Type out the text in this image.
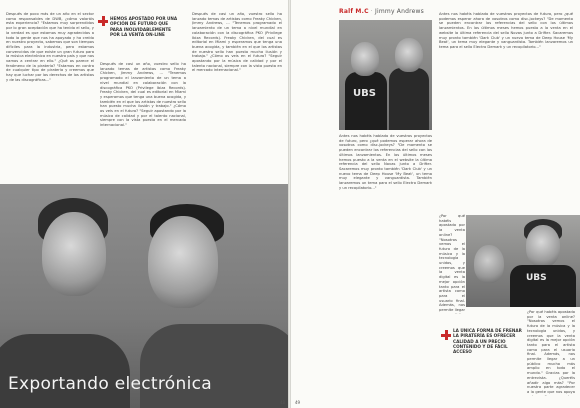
Después de poco más de un año en el sector como responsables de DWB, ¿cómo valoráis esta experiencia? "Estamos muy sorprendidos por lo gran aceptación que ha tenido el sello, y la verdad es que estamos muy agradecidos a todo la gente que nos ha apoyado y ha creído en nuestro proyecto, sabemos que son tiempos difíciles para la industria, pero estamos convencidos de que existe un gran futuro para la música electrónica en nuestro país y que nos vamos a centrar en ello." ¿Qué os parece el fenómeno de la piratería? "Estamos en contra de cualquier tipo de piratería y creemos que hay que luchar por los derechos de los artistas y de las discográficas..."
HEMOS APOSTADO POR UNA OPCIÓN DE FUTURO QUE PARA INOLVIDABLEMENTE POR LA VENTA ON-LINE
Después de casi un año, vuestro sello ha lanzado temas de artistas como Freaky Chicken, Jimmy Andrews, ... "Tenemos programado el lanzamiento de un tema a nivel mundial en colaboración con la discográfica PKO (Privilege Ibiza Records). Freaky Chicken, del cual es editorial en Miami y esperamos que tenga una buena acogida, y también en el que los artistas de nuestro sello han puesto mucha ilusión y trabajo." ¿Cómo os veis en el futuro? "Seguir apostando por la música de calidad y por el talento nacional, siempre con la vista puesta en el mercado internacional."
Después de casi un año, vuestro sello ha lanzado temas de artistas como Freaky Chicken, Jimmy Andrews, ... "Tenemos programado el lanzamiento de un tema a nivel mundial en colaboración con la discográfica PKO (Privilege Ibiza Records). Freaky Chicken, del cual es editorial en Miami y esperamos que tenga una buena acogida, y también en el que los artistas de nuestro sello han puesto mucha ilusión y trabajo." ¿Cómo os veis en el futuro? "Seguir apostando por la música de calidad y por el talento nacional, siempre con la vista puesta en el mercado internacional."
Exportando electrónica
48
Ralf M.C · Jimmy Andrews
UBS
Antes nos habéis hablado de vuestros proyectos de futuro, pero ¿qué podemos esperar ahora de vosotros como disc-jockeys? "De momento se pueden encontrar los referencias del sello con los últimos lanzamientos. En los últimos meses hemos puesto a la venta en el website la última referencia del sello Novas junto a Drifter. Sacaremos muy pronto también 'Dark Club' y un nuevo tema de Deep House 'My Beat', un tema muy elegante y vanguardista. También lanzaremos un tema para el sello Electro Demark y un recopilatorio..."
Antes nos habéis hablado de vuestros proyectos de futuro, pero ¿qué podemos esperar ahora de vosotros como disc-jockeys? "De momento se pueden encontrar los referencias del sello con los últimos lanzamientos. En los últimos meses hemos puesto a la venta en el website la última referencia del sello Novas junto a Drifter. Sacaremos muy pronto también 'Dark Club' y un nuevo tema de Deep House 'My Beat', un tema muy elegante y vanguardista. También lanzaremos un tema para el sello Electro Demark y un recopilatorio..."
UBS
¿Por qué habéis apostado por la venta online? "Nosotros vemos el futuro de la música y la tecnología unidos, y creemos que la venta digital es la mejor opción tanto para el artista como para el usuario final. Además, nos permite llegar
LA ÚNICA FORMA DE FRENAR LA PIRATERÍA ES OFRECER CALIDAD A UN PRECIO CONTENIDO Y DE FÁCIL ACCESO
¿Por qué habéis apostado por la venta online? "Nosotros vemos el futuro de la música y la tecnología unidos, y creemos que la venta digital es la mejor opción tanto para el artista como para el usuario final. Además, nos permite llegar a un público mucho más amplio en todo el mundo." Gracias por la entrevista. ¿Queréis añadir algo más? "Por nuestra parte agradecer a la gente que nos apoya
49
